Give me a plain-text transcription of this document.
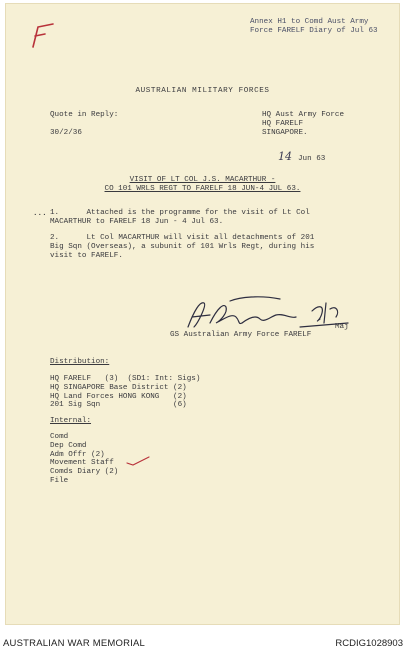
Annex H1 to Comd Aust Army
Force FARELF Diary of Jul 63
AUSTRALIAN MILITARY FORCES
Quote in Reply:
30/2/36
HQ Aust Army Force
HQ FARELF
SINGAPORE.
14 Jun 63
VISIT OF LT COL J.S. MACARTHUR -
CO 101 WRLS REGT TO FARELF 18 JUN-4 JUL 63.
... 1.      Attached is the programme for the visit of Lt Col
MACARTHUR to FARELF 18 Jun - 4 Jul 63.
2.      Lt Col MACARTHUR will visit all detachments of 201
Big Sqn (Overseas), a subunit of 101 Wrls Regt, during his
visit to FARELF.
Maj
GS Australian Army Force FARELF
Distribution:
HQ FARELF   (3)  (SD1: Int: Sigs)
HQ SINGAPORE Base District (2)
HQ Land Forces HONG KONG   (2)
201 Sig Sqn                (6)
Internal:
Comd
Dep Comd
Adm Offr (2)
Movement Staff
Comds Diary (2)
File
AUSTRALIAN WAR MEMORIAL	RCDIG1028903
